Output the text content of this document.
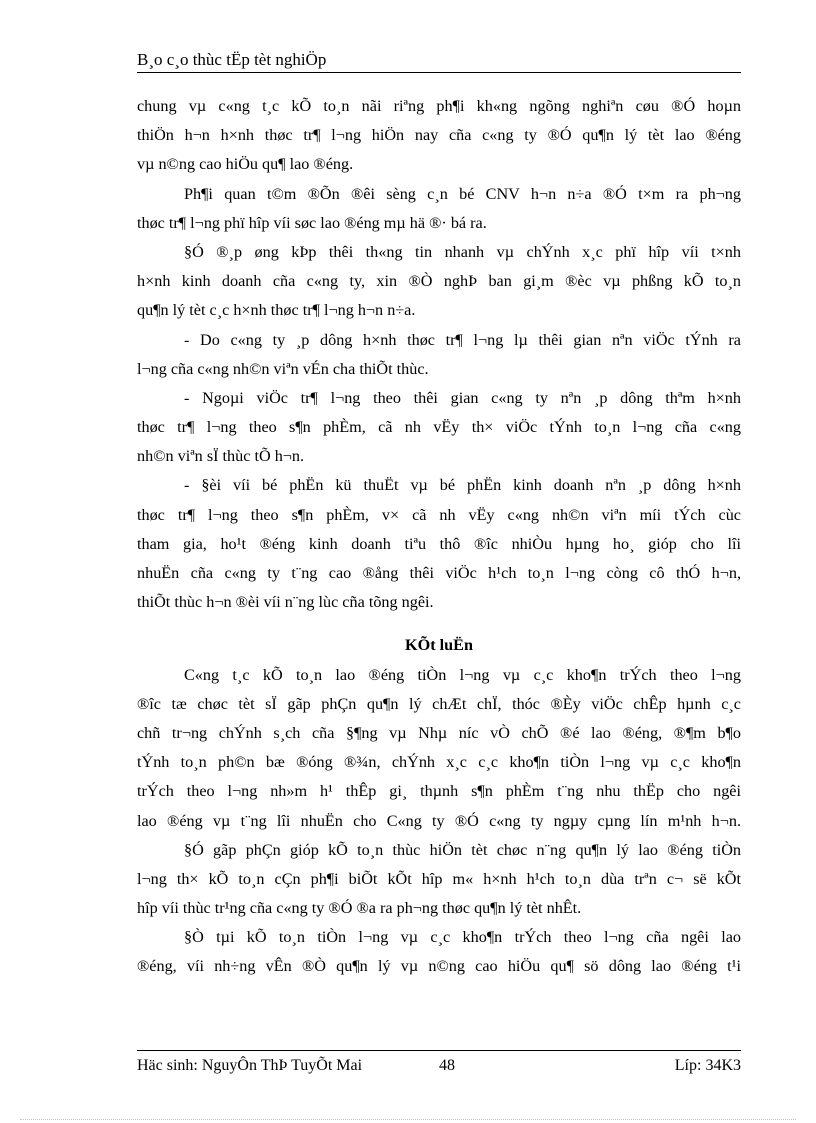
B¸o c¸o thùc tËp tèt nghiÖp
chung vµ c«ng t¸c kÕ to¸n nãi riªng ph¶i kh«ng ngõng nghiªn cøu ®Ó hoµn
thiÖn h¬n h×nh thøc tr¶ l¬ng hiÖn nay cña c«ng ty ®Ó qu¶n lý tèt lao ®éng
vµ n©ng cao hiÖu qu¶ lao ®éng.
Ph¶i quan t©m ®Õn ®êi sèng c¸n bé CNV h¬n n÷a ®Ó t×m ra ph¬ng
thøc tr¶ l¬ng phï hîp víi søc lao ®éng mµ hä ®· bá ra.
§Ó ®¸p øng kÞp thêi th«ng tin nhanh vµ chÝnh x¸c phï hîp víi t×nh
h×nh kinh doanh cña c«ng ty, xin ®Ò nghÞ ban gi¸m ®èc vµ phßng kÕ to¸n
qu¶n lý tèt c¸c h×nh thøc tr¶ l¬ng h¬n n÷a.
- Do c«ng ty ¸p dông h×nh thøc tr¶ l¬ng lµ thêi gian nªn viÖc tÝnh ra
l¬ng cña c«ng nh©n viªn vÉn cha thiÕt thùc.
- Ngoµi viÖc tr¶ l¬ng theo thêi gian c«ng ty nªn ¸p dông thªm h×nh
thøc tr¶ l¬ng theo s¶n phÈm, cã nh vËy th× viÖc tÝnh to¸n l¬ng cña c«ng
nh©n viªn sÏ thùc tÕ h¬n.
- §èi víi bé phËn kü thuËt vµ bé phËn kinh doanh nªn ¸p dông h×nh
thøc tr¶ l¬ng theo s¶n phÈm, v× cã nh vËy c«ng nh©n viªn míi tÝch cùc
tham gia, ho¹t ®éng kinh doanh tiªu thô ®îc nhiÒu hµng ho¸ gióp cho lîi
nhuËn cña c«ng ty t¨ng cao ®ång thêi viÖc h¹ch to¸n l¬ng còng cô thÓ h¬n,
thiÕt thùc h¬n ®èi víi n¨ng lùc cña tõng ngêi.
KÕt luËn
C«ng t¸c kÕ to¸n lao ®éng tiÒn l¬ng vµ c¸c kho¶n trÝch theo l¬ng
®îc tæ chøc tèt sÏ gãp phÇn qu¶n lý chÆt chÏ, thóc ®Èy viÖc chÊp hµnh c¸c
chñ tr¬ng chÝnh s¸ch cña §¶ng vµ Nhµ níc vÒ chÕ ®é lao ®éng, ®¶m b¶o
tÝnh to¸n ph©n bæ ®óng ®¾n, chÝnh x¸c c¸c kho¶n tiÒn l¬ng vµ c¸c kho¶n
trÝch theo l¬ng nh»m h¹ thÊp gi¸ thµnh s¶n phÈm t¨ng nhu thËp cho ngêi
lao ®éng vµ t¨ng lîi nhuËn cho C«ng ty ®Ó c«ng ty ngµy cµng lín m¹nh h¬n.
§Ó gãp phÇn gióp kÕ to¸n thùc hiÖn tèt chøc n¨ng qu¶n lý lao ®éng tiÒn
l¬ng th× kÕ to¸n cÇn ph¶i biÕt kÕt hîp m« h×nh h¹ch to¸n dùa trªn c¬ së kÕt
hîp víi thùc tr¹ng cña c«ng ty ®Ó ®a ra ph¬ng thøc qu¶n lý tèt nhÊt.
§Ò tµi kÕ to¸n tiÒn l¬ng vµ c¸c kho¶n trÝch theo l¬ng cña ngêi lao
®éng, víi nh÷ng vÊn ®Ò qu¶n lý vµ n©ng cao hiÖu qu¶ sö dông lao ®éng t¹i
Häc sinh: NguyÔn ThÞ TuyÕt Mai	48	Líp: 34K3
